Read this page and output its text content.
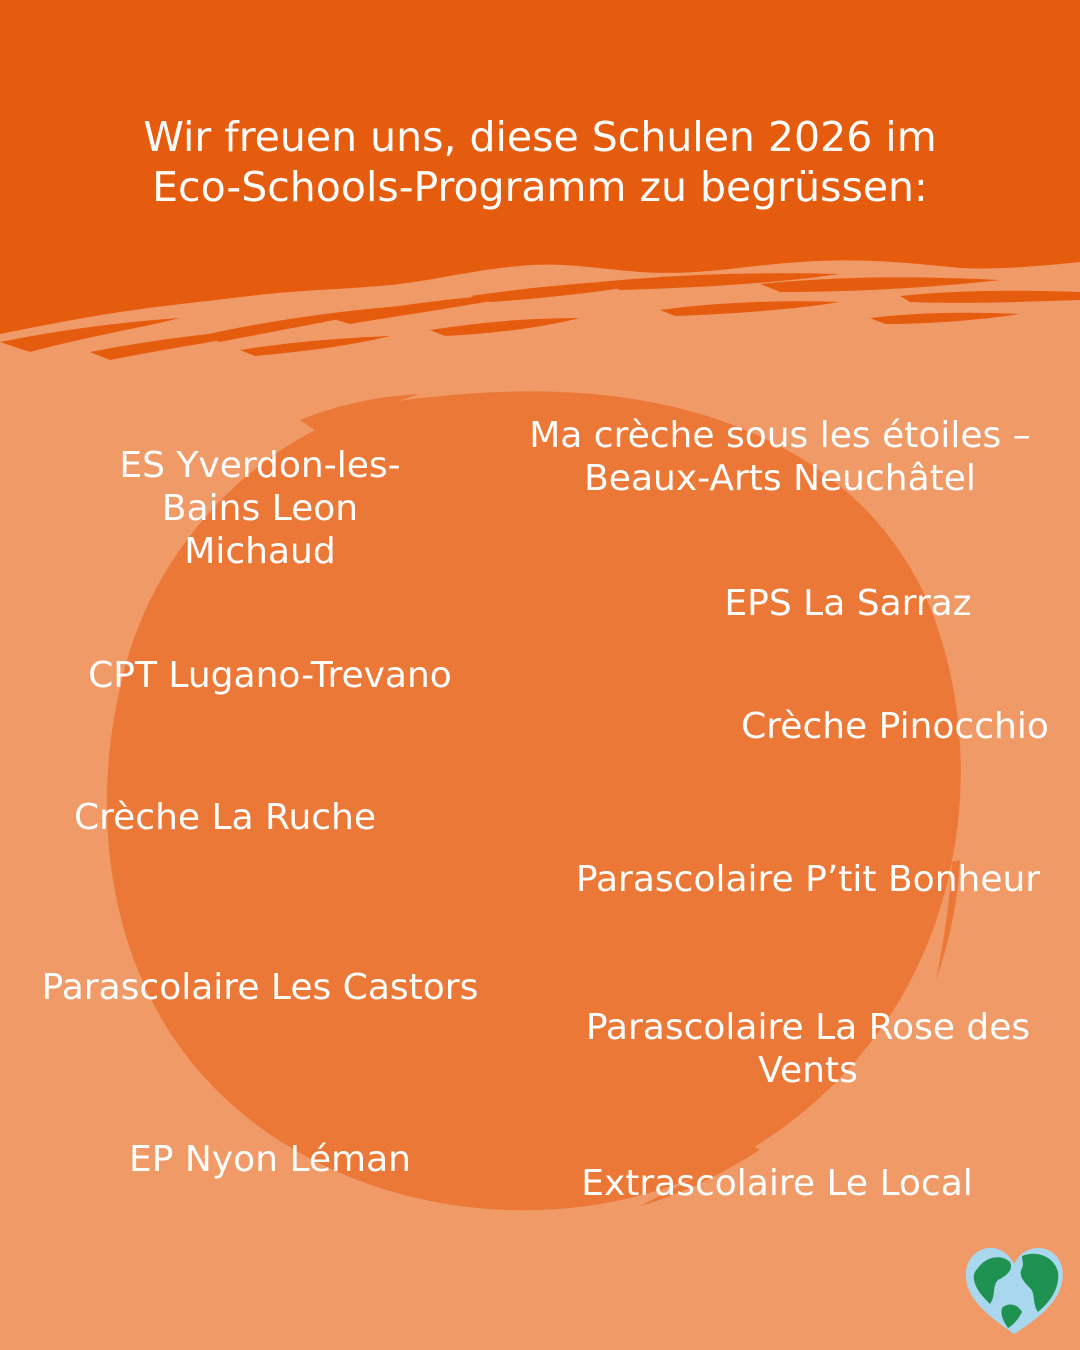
Wir freuen uns, diese Schulen 2026 im
Eco-Schools-Programm zu begrüssen:
ES Yverdon-les-Bains Leon Michaud
CPT Lugano-Trevano
Crèche La Ruche
Parascolaire Les Castors
EP Nyon Léman
Ma crèche sous les étoiles – Beaux-Arts Neuchâtel
EPS La Sarraz
Crèche Pinocchio
Parascolaire P’tit Bonheur
Parascolaire La Rose des Vents
Extrascolaire Le Local
